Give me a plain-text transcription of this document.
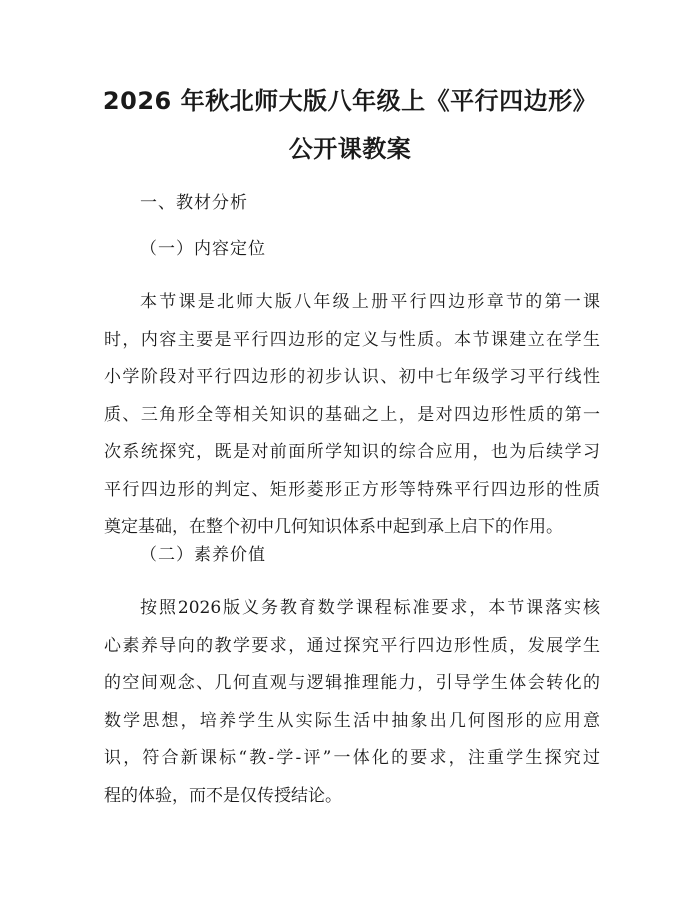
2026 年秋北师大版八年级上《平行四边形》
公开课教案
一、教材分析
（一）内容定位
本节课是北师大版八年级上册平行四边形章节的第一课
时，内容主要是平行四边形的定义与性质。本节课建立在学生
小学阶段对平行四边形的初步认识、初中七年级学习平行线性
质、三角形全等相关知识的基础之上，是对四边形性质的第一
次系统探究，既是对前面所学知识的综合应用，也为后续学习
平行四边形的判定、矩形菱形正方形等特殊平行四边形的性质
奠定基础，在整个初中几何知识体系中起到承上启下的作用。
（二）素养价值
按照2026版义务教育数学课程标准要求，本节课落实核
心素养导向的教学要求，通过探究平行四边形性质，发展学生
的空间观念、几何直观与逻辑推理能力，引导学生体会转化的
数学思想，培养学生从实际生活中抽象出几何图形的应用意
识，符合新课标“教-学-评”一体化的要求，注重学生探究过
程的体验，而不是仅传授结论。
